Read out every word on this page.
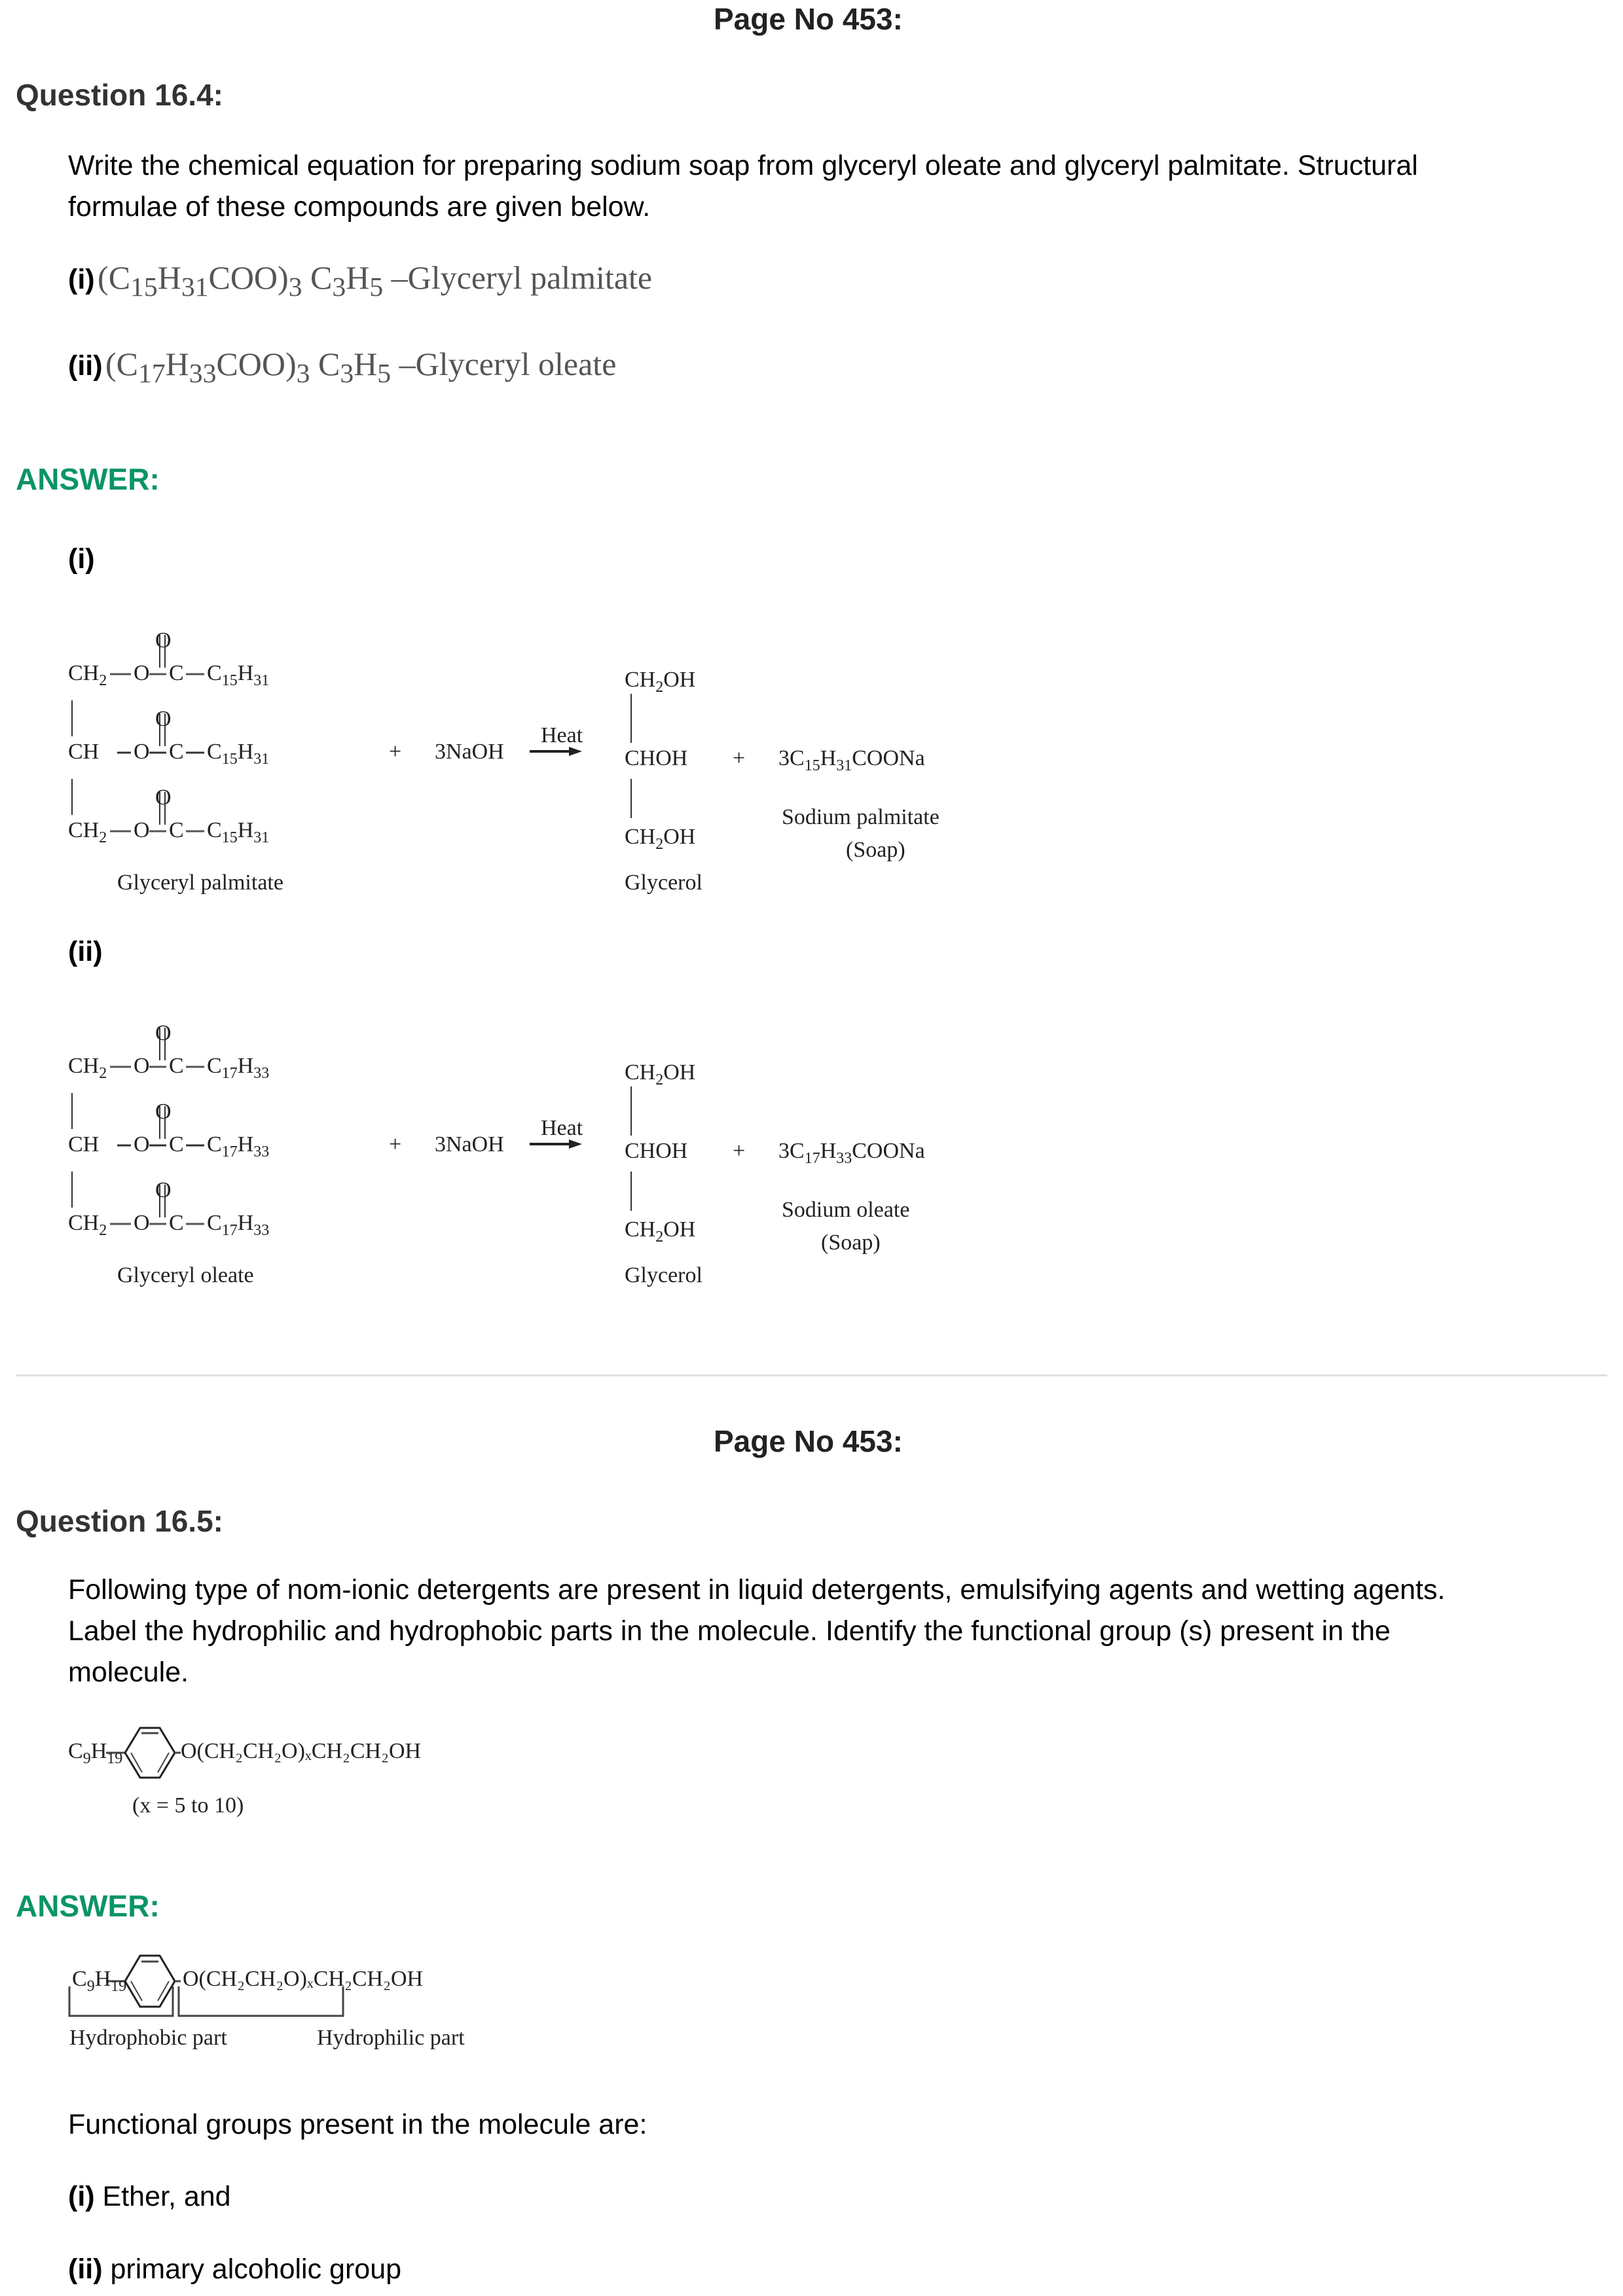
Page No 453:
Question 16.4:
Write the chemical equation for preparing sodium soap from glyceryl oleate and glyceryl palmitate. Structural
formulae of these compounds are given below.
(i) $(C_{15}H_{31}COO)_3$ $C_3H_5$ –Glyceryl palmitate
(ii) $(C_{17}H_{33}COO)_3$ $C_3H_5$ –Glyceryl oleate
ANSWER:
(i)
O
O
O
$CH_2$ O C $C_{15}H_{31}$
CH O C $C_{15}H_{31}$
$CH_2$ O C $C_{15}H_{31}$
Glyceryl palmitate
+ 3NaOH
Heat
$CH_2OH$
CHOH
$CH_2OH$
Glycerol
+ $3C_{15}H_{31}COONa$
Sodium palmitate
(Soap)
(ii)
O
O
O
$CH_2$ O C $C_{17}H_{33}$
CH O C $C_{17}H_{33}$
$CH_2$ O C $C_{17}H_{33}$
Glyceryl oleate
+ 3NaOH
Heat
$CH_2OH$
CHOH
$CH_2OH$
Glycerol
+ $3C_{17}H_{33}COONa$
Sodium oleate
(Soap)
Page No 453:
Question 16.5:
Following type of nom-ionic detergents are present in liquid detergents, emulsifying agents and wetting agents.
Label the hydrophilic and hydrophobic parts in the molecule. Identify the functional group (s) present in the
molecule.
$C_9H_{19}$	O(CH₂CH₂O)ₓCH₂CH₂OH
(x = 5 to 10)
ANSWER:
$C_9H_{19}$	O(CH₂CH₂O)ₓCH₂CH₂OH
Hydrophobic part	Hydrophilic part
Functional groups present in the molecule are:
(i) Ether, and
(ii) primary alcoholic group
